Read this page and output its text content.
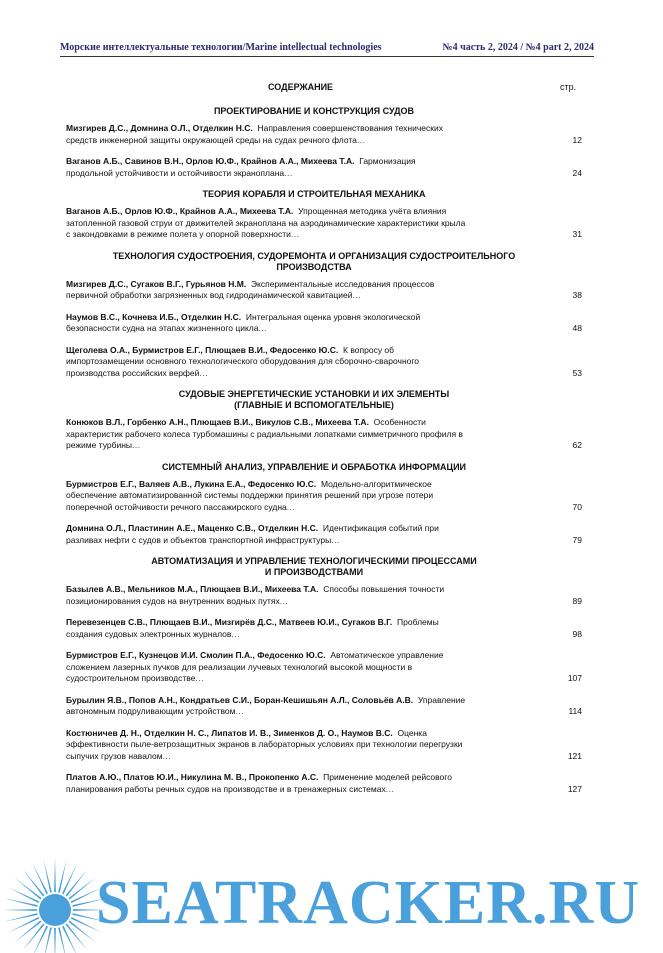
Морские интеллектуальные технологии/Marine intellectual technologies	№4 часть 2, 2024 / №4 part 2, 2024
СОДЕРЖАНИЕ	стр.
ПРОЕКТИРОВАНИЕ И КОНСТРУКЦИЯ СУДОВ
Мизгирев Д.С., Домнина О.Л., Отделкин Н.С. Направления совершенствования технических
средств инженерной защиты окружающей среды на судах речного флота...	12
Ваганов А.Б., Савинов В.Н., Орлов Ю.Ф., Крайнов А.А., Михеева Т.А. Гармонизация
продольной устойчивости и остойчивости экраноплана...	24
ТЕОРИЯ КОРАБЛЯ И СТРОИТЕЛЬНАЯ МЕХАНИКА
Ваганов А.Б., Орлов Ю.Ф., Крайнов А.А., Михеева Т.А. Упрощенная методика учёта влияния
затопленной газовой струи от движителей экраноплана на аэродинамические характеристики крыла
с закондовками в режиме полета у опорной поверхности...	31
ТЕХНОЛОГИЯ СУДОСТРОЕНИЯ, СУДОРЕМОНТА И ОРГАНИЗАЦИЯ СУДОСТРОИТЕЛЬНОГО
ПРОИЗВОДСТВА
Мизгирев Д.С., Сугаков В.Г., Гурьянов Н.М. Экспериментальные исследования процессов
первичной обработки загрязненных вод гидродинамической кавитацией...	38
Наумов В.С., Кочнева И.Б., Отделкин Н.С. Интегральная оценка уровня экологической
безопасности судна на этапах жизненного цикла...	48
Щеголева О.А., Бурмистров Е.Г., Плющаев В.И., Федосенко Ю.С. К вопросу об
импортозамещении основного технологического оборудования для сборочно-сварочного
производства российских верфей...	53
СУДОВЫЕ ЭНЕРГЕТИЧЕСКИЕ УСТАНОВКИ И ИХ ЭЛЕМЕНТЫ
(ГЛАВНЫЕ И ВСПОМОГАТЕЛЬНЫЕ)
Конюков В.Л., Горбенко А.Н., Плющаев В.И., Викулов С.В., Михеева Т.А. Особенности
характеристик рабочего колеса турбомашины с радиальными лопатками симметричного профиля в
режиме турбины...	62
СИСТЕМНЫЙ АНАЛИЗ, УПРАВЛЕНИЕ И ОБРАБОТКА ИНФОРМАЦИИ
Бурмистров Е.Г., Валяев А.В., Лукина Е.А., Федосенко Ю.С. Модельно-алгоритмическое
обеспечение автоматизированной системы поддержки принятия решений при угрозе потери
поперечной остойчивости речного пассажирского судна...	70
Домнина О.Л., Пластинин А.Е., Маценко С.В., Отделкин Н.С. Идентификация событий при
разливах нефти с судов и объектов транспортной инфраструктуры...	79
АВТОМАТИЗАЦИЯ И УПРАВЛЕНИЕ ТЕХНОЛОГИЧЕСКИМИ ПРОЦЕССАМИ
И ПРОИЗВОДСТВАМИ
Базылев А.В., Мельников М.А., Плющаев В.И., Михеева Т.А. Способы повышения точности
позиционирования судов на внутренних водных путях...	89
Перевезенцев С.В., Плющаев В.И., Мизгирёв Д.С., Матвеев Ю.И., Сугаков В.Г. Проблемы
создания судовых электронных журналов...	98
Бурмистров Е.Г., Кузнецов И.И. Смолин П.А., Федосенко Ю.С. Автоматическое управление
сложением лазерных пучков для реализации лучевых технологий высокой мощности в
судостроительном производстве...	107
Бурылин Я.В., Попов А.Н., Кондратьев С.И., Боран-Кешишьян А.Л., Соловьёв А.В. Управление
автономным подруливающим устройством...	114
Костюничев Д. Н., Отделкин Н. С., Липатов И. В., Зименков Д. О., Наумов В.С. Оценка
эффективности пыле-ветрозащитных экранов в лабораторных условиях при технологии перегрузки
сыпучих грузов навалом...	121
Платов А.Ю., Платов Ю.И., Никулина М. В., Прокопенко А.С. Применение моделей рейсового
планирования работы речных судов на производстве и в тренажерных системах...	127
SEATRACKER.RU
